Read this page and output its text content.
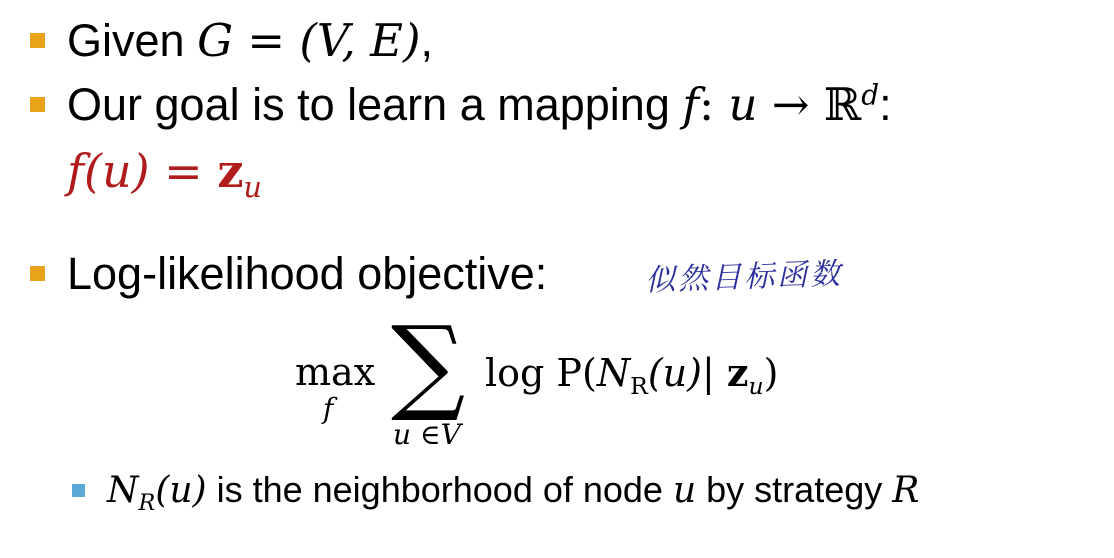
Given G = (V, E),
Our goal is to learn a mapping f: u → ℝ$^d$:
$f(u) = z_u$
Log-likelihood objective:	似然目标函数
max
f ∑
u ∈V
$\log P(N_R(u)|$ $z_u$)
$N_R(u)$ is the neighborhood of node u by strategy R
